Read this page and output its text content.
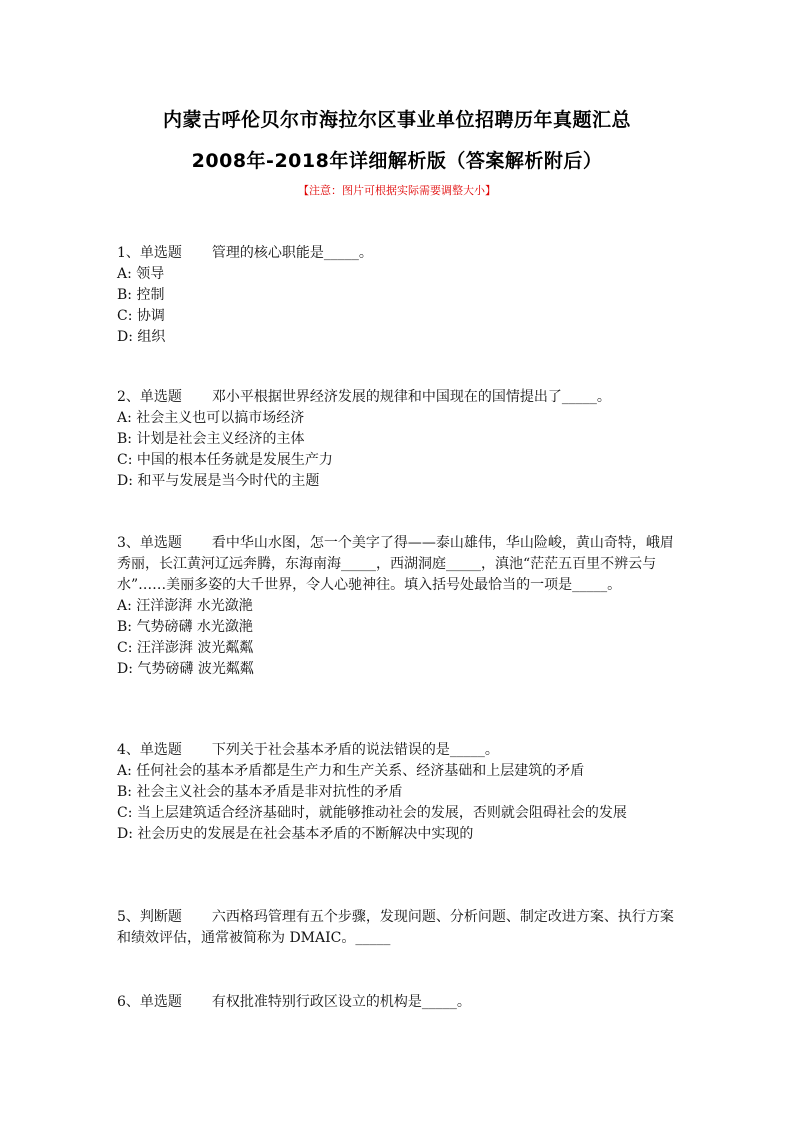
内蒙古呼伦贝尔市海拉尔区事业单位招聘历年真题汇总
2008年-2018年详细解析版（答案解析附后）
【注意：图片可根据实际需要调整大小】

1、单选题 管理的核心职能是_____。

A: 领导

B: 控制

C: 协调

D: 组织

2、单选题 邓小平根据世界经济发展的规律和中国现在的国情提出了_____。

A: 社会主义也可以搞市场经济

B: 计划是社会主义经济的主体

C: 中国的根本任务就是发展生产力

D: 和平与发展是当今时代的主题

3、单选题 看中华山水图，怎一个美字了得——泰山雄伟，华山险峻，黄山奇特，峨眉秀丽，长江黄河辽远奔腾，东海南海_____，西湖洞庭_____，滇池“茫茫五百里不辨云与水”……美丽多姿的大千世界，令人心驰神往。填入括号处最恰当的一项是_____。

A: 汪洋澎湃 水光潋滟

B: 气势磅礴 水光潋滟

C: 汪洋澎湃 波光粼粼

D: 气势磅礴 波光粼粼

4、单选题 下列关于社会基本矛盾的说法错误的是_____。

A: 任何社会的基本矛盾都是生产力和生产关系、经济基础和上层建筑的矛盾

B: 社会主义社会的基本矛盾是非对抗性的矛盾

C: 当上层建筑适合经济基础时，就能够推动社会的发展，否则就会阻碍社会的发展

D: 社会历史的发展是在社会基本矛盾的不断解决中实现的

5、判断题 六西格玛管理有五个步骤，发现问题、分析问题、制定改进方案、执行方案和绩效评估，通常被简称为 DMAIC。_____

6、单选题 有权批准特别行政区设立的机构是_____。
